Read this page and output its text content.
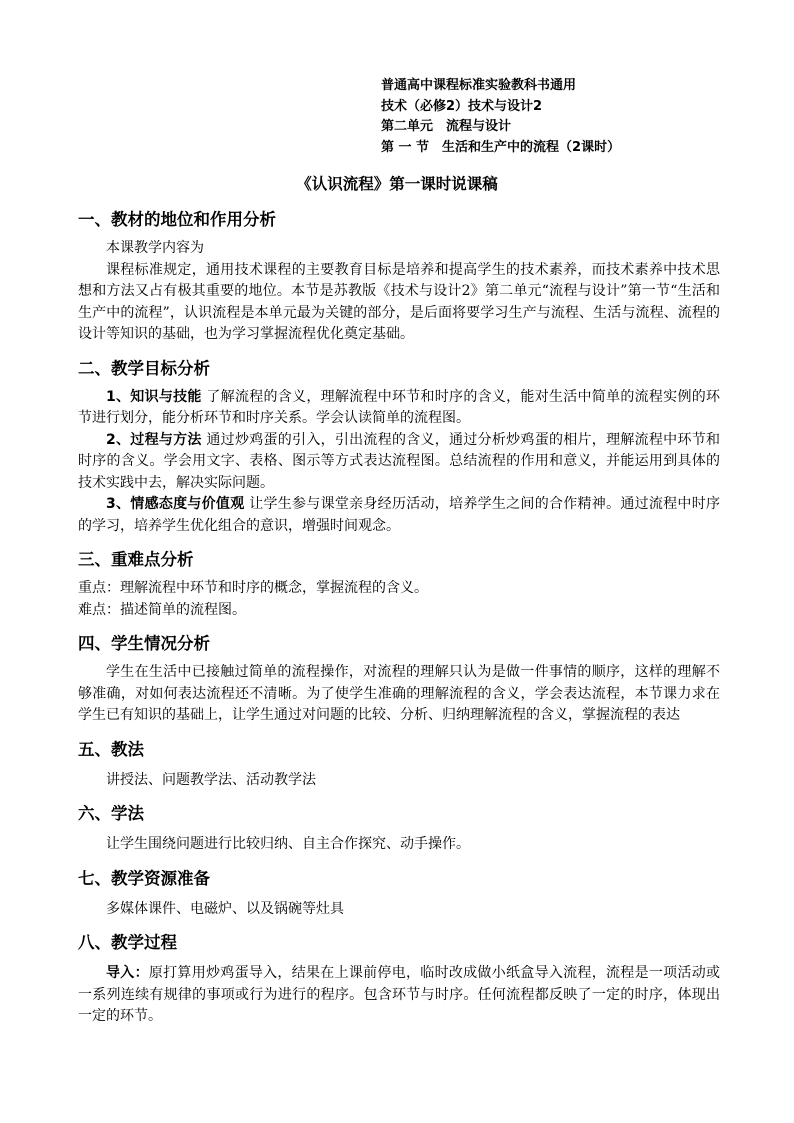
普通高中课程标准实验教科书通用
技术（必修2）技术与设计2
第二单元　流程与设计
第 一 节　生活和生产中的流程（2课时）
《认识流程》第一课时说课稿
一、教材的地位和作用分析

本课教学内容为

课程标准规定，通用技术课程的主要教育目标是培养和提高学生的技术素养，而技术素养中技术思想和方法又占有极其重要的地位。本节是苏教版《技术与设计2》第二单元“流程与设计”第一节“生活和生产中的流程”，认识流程是本单元最为关键的部分，是后面将要学习生产与流程、生活与流程、流程的设计等知识的基础，也为学习掌握流程优化奠定基础。

二、教学目标分析

1、知识与技能 了解流程的含义，理解流程中环节和时序的含义，能对生活中简单的流程实例的环节进行划分，能分析环节和时序关系。学会认读简单的流程图。

2、过程与方法 通过炒鸡蛋的引入，引出流程的含义，通过分析炒鸡蛋的相片，理解流程中环节和时序的含义。学会用文字、表格、图示等方式表达流程图。总结流程的作用和意义，并能运用到具体的技术实践中去，解决实际问题。

3、情感态度与价值观 让学生参与课堂亲身经历活动，培养学生之间的合作精神。通过流程中时序的学习，培养学生优化组合的意识，增强时间观念。

三、重难点分析

重点：理解流程中环节和时序的概念，掌握流程的含义。

难点：描述简单的流程图。

四、学生情况分析

学生在生活中已接触过简单的流程操作，对流程的理解只认为是做一件事情的顺序，这样的理解不够准确，对如何表达流程还不清晰。为了使学生准确的理解流程的含义，学会表达流程，本节课力求在学生已有知识的基础上，让学生通过对问题的比较、分析、归纳理解流程的含义，掌握流程的表达

五、教法

讲授法、问题教学法、活动教学法

六、学法

让学生围绕问题进行比较归纳、自主合作探究、动手操作。

七、教学资源准备

多媒体课件、电磁炉、以及锅碗等灶具

八、教学过程

导入：原打算用炒鸡蛋导入，结果在上课前停电，临时改成做小纸盒导入流程，流程是一项活动或一系列连续有规律的事项或行为进行的程序。包含环节与时序。任何流程都反映了一定的时序，体现出一定的环节。
